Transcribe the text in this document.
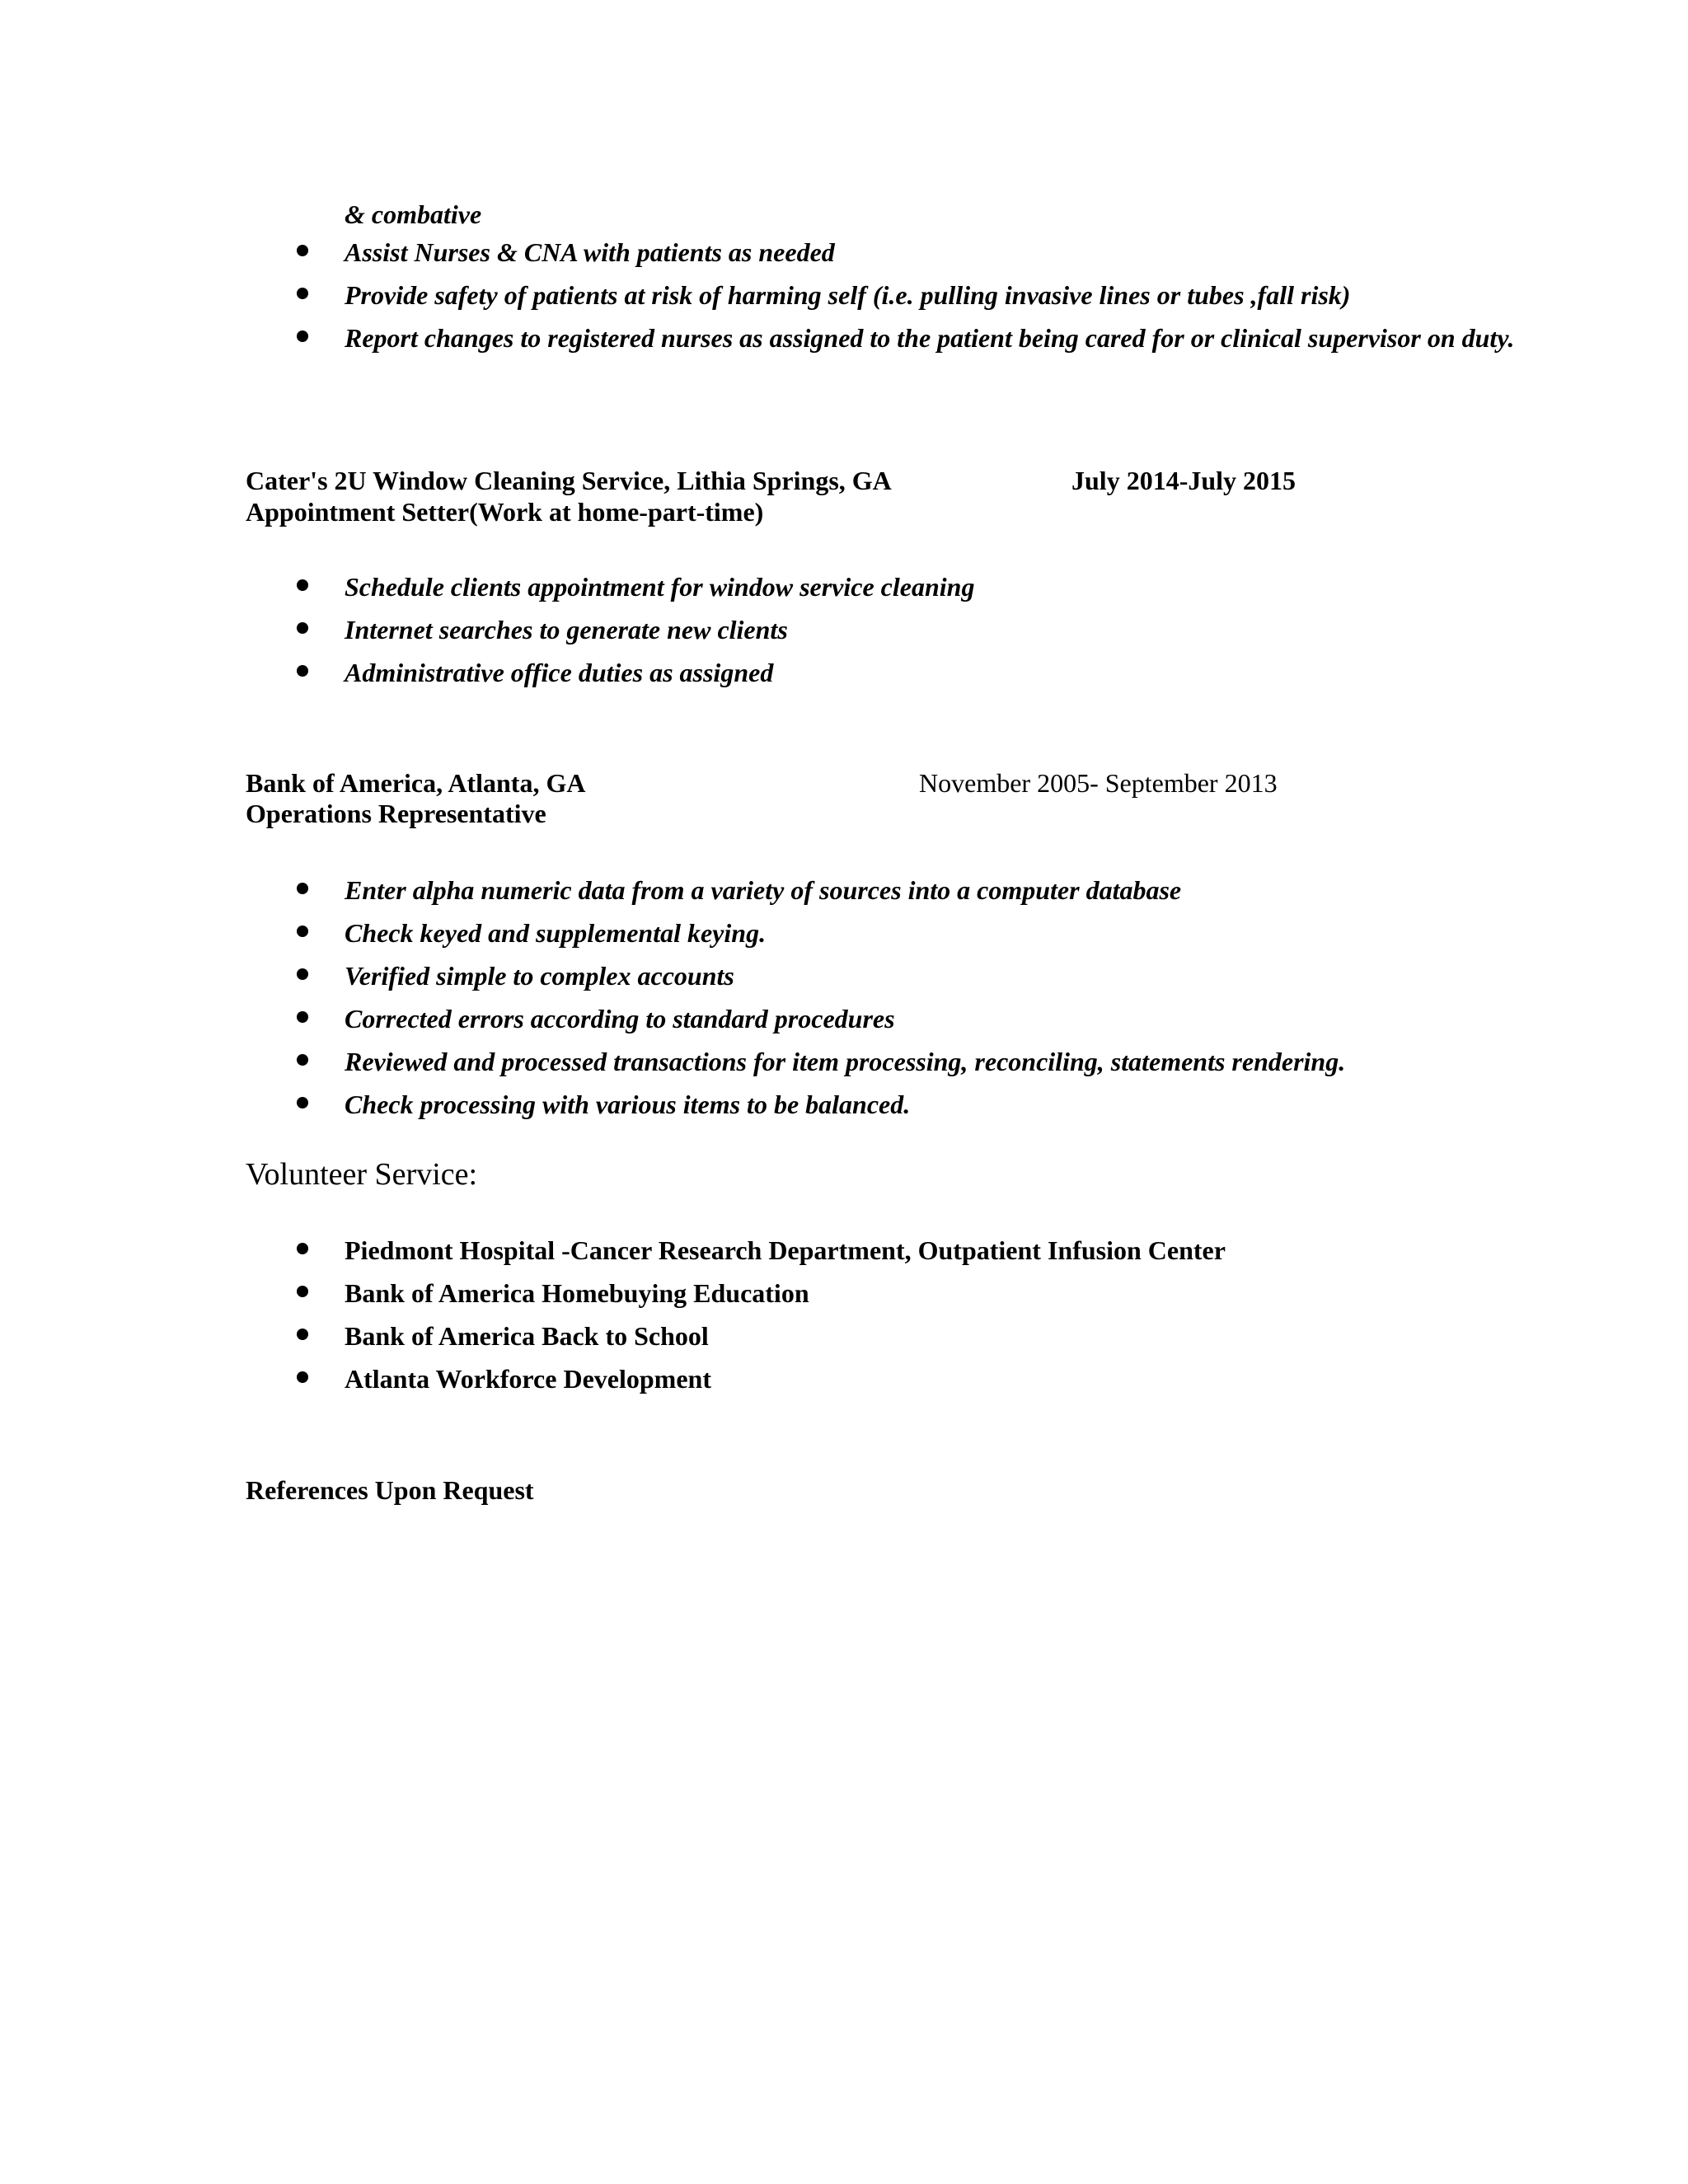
& combative
Assist Nurses & CNA with patients as needed
Provide safety of patients at risk of harming self (i.e. pulling invasive lines or tubes ,fall risk)
Report changes to registered nurses as assigned to the patient being cared for or clinical supervisor on duty.
Cater's 2U Window Cleaning Service, Lithia Springs, GA	July 2014-July 2015
Appointment Setter(Work at home-part-time)
Schedule clients appointment for window service cleaning
Internet searches to generate new clients
Administrative office duties as assigned
Bank of America, Atlanta, GA	November 2005- September 2013
Operations Representative
Enter alpha numeric data from a variety of sources into a computer database
Check keyed and supplemental keying.
Verified simple to complex accounts
Corrected errors according to standard procedures
Reviewed and processed transactions for item processing, reconciling, statements rendering.
Check processing with various items to be balanced.
Volunteer Service:
Piedmont Hospital -Cancer Research Department, Outpatient Infusion Center
Bank of America Homebuying Education
Bank of America Back to School
Atlanta Workforce Development
References Upon Request
